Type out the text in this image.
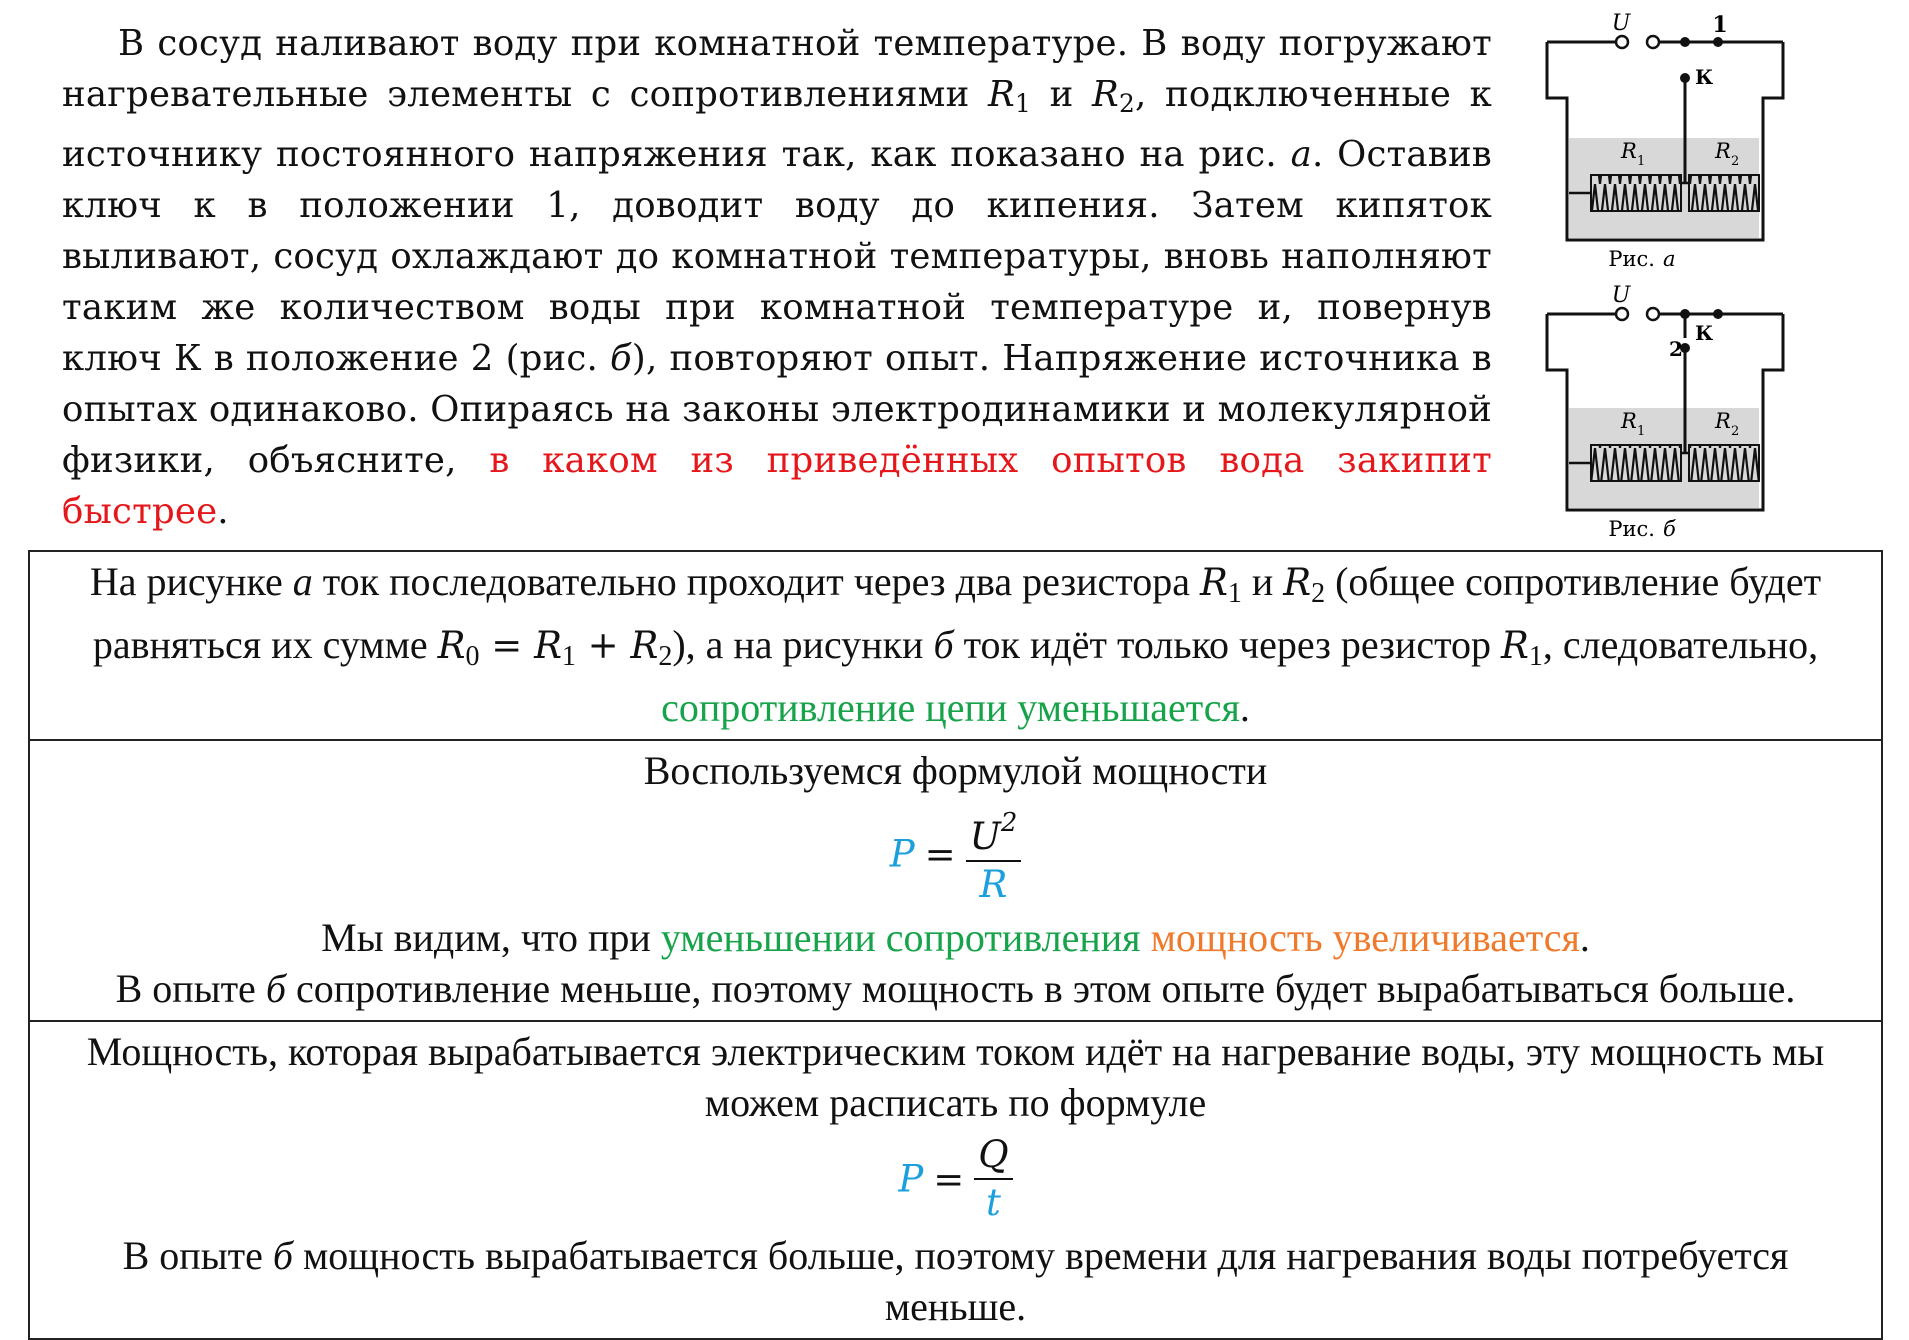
В сосуд наливают воду при комнатной температуре. В воду погружают нагревательные элементы с сопротивлениями $R_1$ и $R_2$, подключенные к источнику постоянного напряжения так, как показано на рис. а. Оставив ключ к в положении 1, доводит воду до кипения. Затем кипяток выливают, сосуд охлаждают до комнатной температуры, вновь наполняют таким же количеством воды при комнатной температуре и, повернув ключ К в положение 2 (рис. б), повторяют опыт. Напряжение источника в опытах одинаково. Опираясь на законы электродинамики и молекулярной физики, объясните, в каком из приведённых опытов вода закипит быстрее.
U	1
К
R 1	R 2
Рис. а
U
2
К
R 1	R 2
Рис. б
На рисунке а ток последовательно проходит через два резистора $R_1$ и $R_2$ (общее сопротивление будет равняться их сумме $R_0 = R_1 + R_2$), а на рисунки б ток идёт только через резистор $R_1$, следовательно, сопротивление цепи уменьшается.
Воспользуемся формулой мощности
$P = \frac{U^2}{R}$
Мы видим, что при уменьшении сопротивления мощность увеличивается.
В опыте б сопротивление меньше, поэтому мощность в этом опыте будет вырабатываться больше.
Мощность, которая вырабатывается электрическим током идёт на нагревание воды, эту мощность мы можем расписать по формуле
$P = \frac{Q}{t}$
В опыте б мощность вырабатывается больше, поэтому времени для нагревания воды потребуется меньше.
